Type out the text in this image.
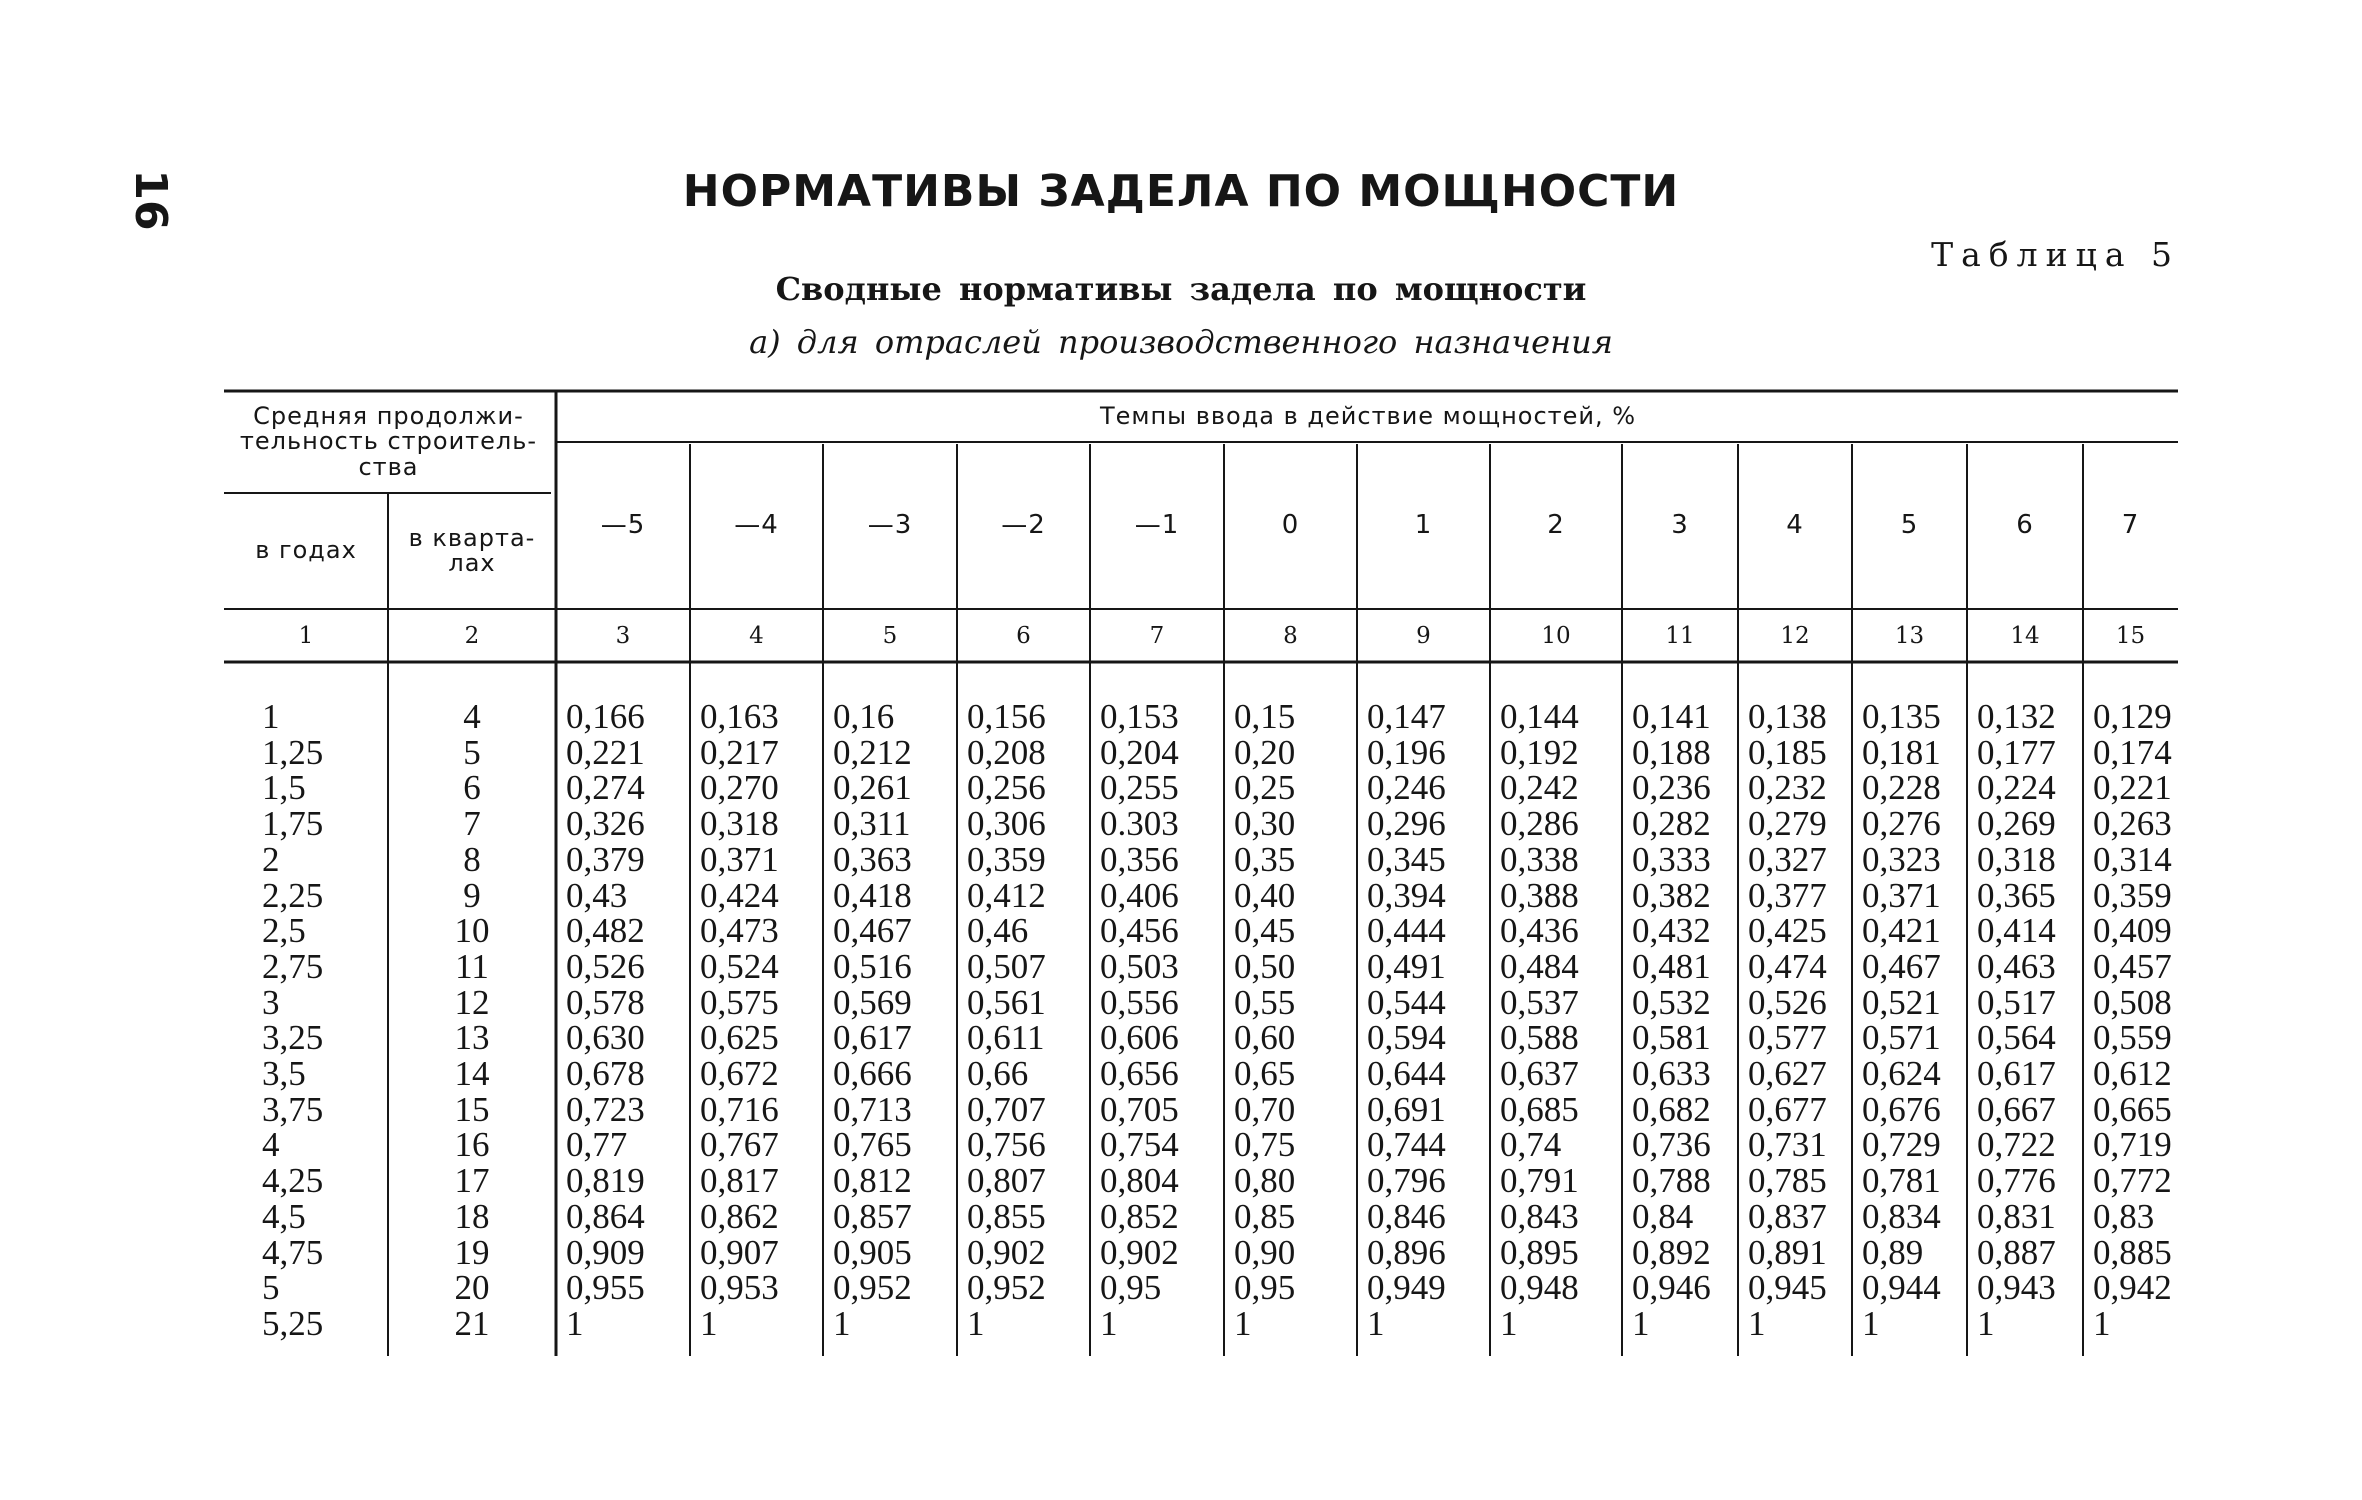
16	НОРМАТИВЫ ЗАДЕЛА ПО МОЩНОСТИ
Таблица 5
Сводные нормативы задела по мощности
а) для отраслей производственного назначения
Средняя продолжи-
тельность строитель-
ства
в годах	в кварта-
лах
Темпы ввода в действие мощностей, %
—5	—4	—3	—2	—1	0	1	2	3	4	5	6	7
1	2	3	4	5	6	7	8	9	10	11	12	13	14	15
1	4	0,166	0,163	0,16	0,156	0,153	0,15	0,147	0,144	0,141	0,138	0,135	0,132	0,129
1,25	5	0,221	0,217	0,212	0,208	0,204	0,20	0,196	0,192	0,188	0,185	0,181	0,177	0,174
1,5	6	0,274	0,270	0,261	0,256	0,255	0,25	0,246	0,242	0,236	0,232	0,228	0,224	0,221
1,75	7	0,326	0,318	0,311	0,306	0.303	0,30	0,296	0,286	0,282	0,279	0,276	0,269	0,263
2	8	0,379	0,371	0,363	0,359	0,356	0,35	0,345	0,338	0,333	0,327	0,323	0,318	0,314
2,25	9	0,43	0,424	0,418	0,412	0,406	0,40	0,394	0,388	0,382	0,377	0,371	0,365	0,359
2,5	10	0,482	0,473	0,467	0,46	0,456	0,45	0,444	0,436	0,432	0,425	0,421	0,414	0,409
2,75	11	0,526	0,524	0,516	0,507	0,503	0,50	0,491	0,484	0,481	0,474	0,467	0,463	0,457
3	12	0,578	0,575	0,569	0,561	0,556	0,55	0,544	0,537	0,532	0,526	0,521	0,517	0,508
3,25	13	0,630	0,625	0,617	0,611	0,606	0,60	0,594	0,588	0,581	0,577	0,571	0,564	0,559
3,5	14	0,678	0,672	0,666	0,66	0,656	0,65	0,644	0,637	0,633	0,627	0,624	0,617	0,612
3,75	15	0,723	0,716	0,713	0,707	0,705	0,70	0,691	0,685	0,682	0,677	0,676	0,667	0,665
4	16	0,77	0,767	0,765	0,756	0,754	0,75	0,744	0,74	0,736	0,731	0,729	0,722	0,719
4,25	17	0,819	0,817	0,812	0,807	0,804	0,80	0,796	0,791	0,788	0,785	0,781	0,776	0,772
4,5	18	0,864	0,862	0,857	0,855	0,852	0,85	0,846	0,843	0,84	0,837	0,834	0,831	0,83
4,75	19	0,909	0,907	0,905	0,902	0,902	0,90	0,896	0,895	0,892	0,891	0,89	0,887	0,885
5	20	0,955	0,953	0,952	0,952	0,95	0,95	0,949	0,948	0,946	0,945	0,944	0,943	0,942
5,25	21	1	1	1	1	1	1	1	1	1	1	1	1	1
